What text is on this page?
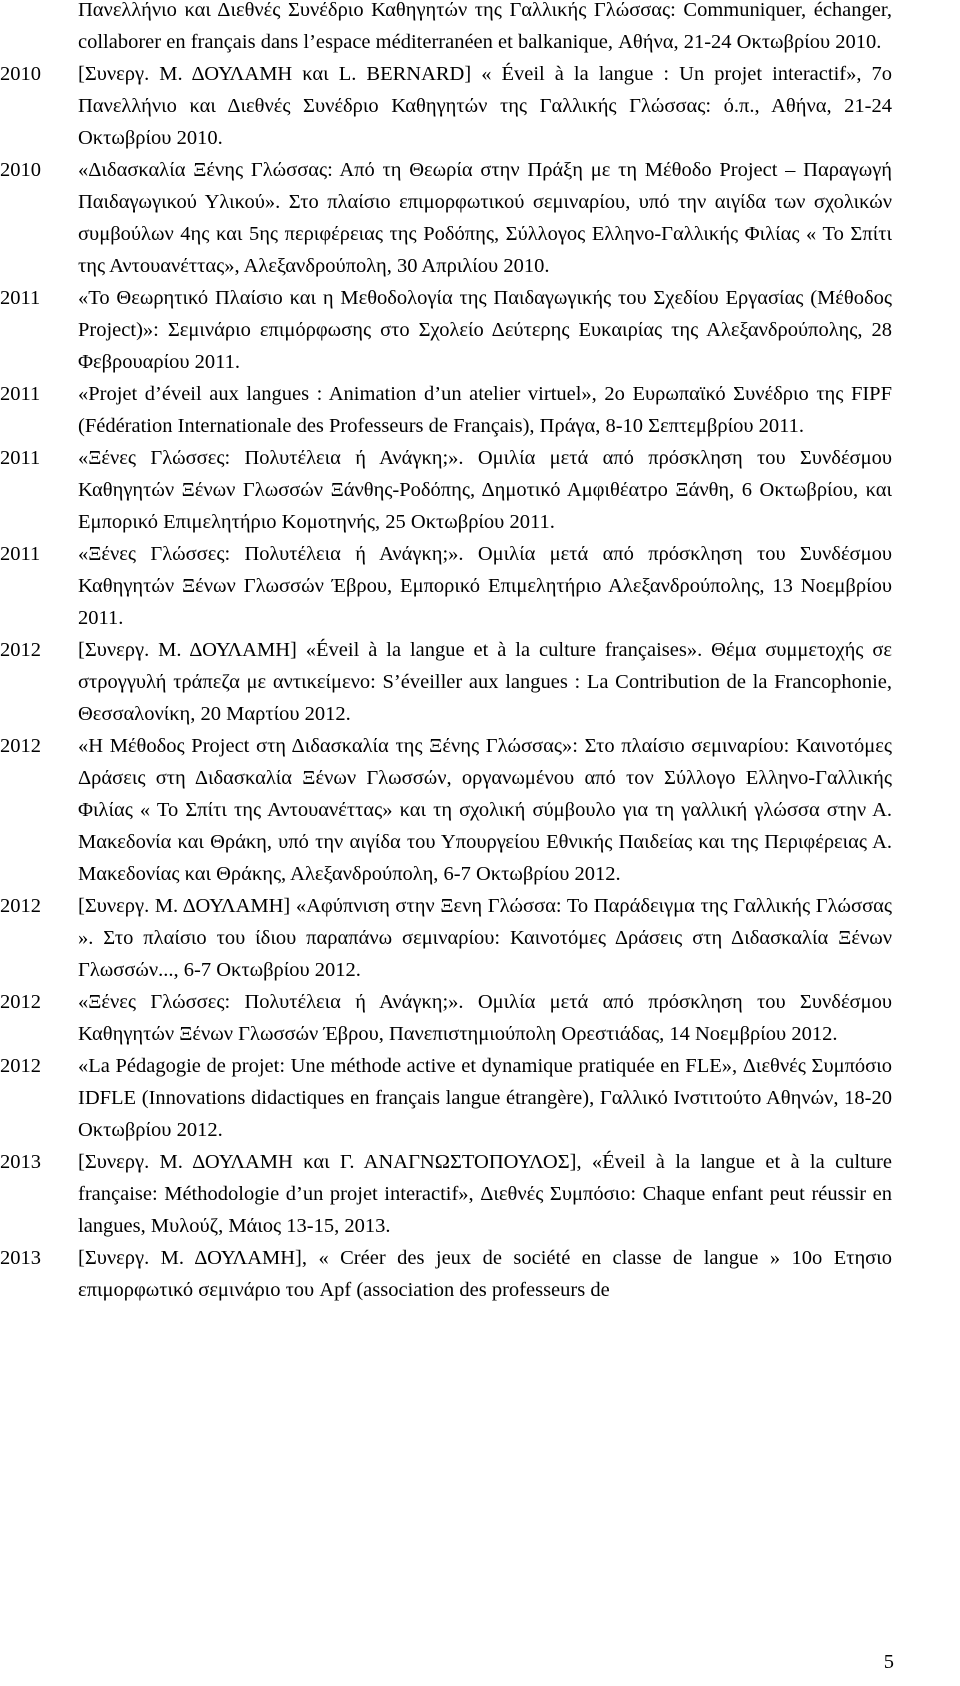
Πανελλήνιο και Διεθνές Συνέδριο Καθηγητών της Γαλλικής Γλώσσας: Communiquer, échanger, collaborer en français dans l’espace méditerranéen et balkanique, Αθήνα, 21-24 Οκτωβρίου 2010.
2010	[Συνεργ. Μ. ΔΟΥΛΑΜΗ και L. BERNARD] « Éveil à la langue : Un projet interactif», 7ο Πανελλήνιο και Διεθνές Συνέδριο Καθηγητών της Γαλλικής Γλώσσας: ό.π., Αθήνα, 21-24 Οκτωβρίου 2010.
2010	«Διδασκαλία Ξένης Γλώσσας: Από τη Θεωρία στην Πράξη με τη Μέθοδο Project – Παραγωγή Παιδαγωγικού Υλικού». Στο πλαίσιο επιμορφωτικού σεμιναρίου, υπό την αιγίδα των σχολικών συμβούλων 4ης και 5ης περιφέρειας της Ροδόπης, Σύλλογος Ελληνο-Γαλλικής Φιλίας « Το Σπίτι της Αντουανέττας», Αλεξανδρούπολη, 30 Απριλίου 2010.
2011	«Το Θεωρητικό Πλαίσιο και η Μεθοδολογία της Παιδαγωγικής του Σχεδίου Εργασίας (Μέθοδος Project)»: Σεμινάριο επιμόρφωσης στο Σχολείο Δεύτερης Ευκαιρίας της Αλεξανδρούπολης, 28 Φεβρουαρίου 2011.
2011	«Projet d’éveil aux langues : Animation d’un atelier virtuel», 2ο Ευρωπαϊκό Συνέδριο της FIPF (Fédération Internationale des Professeurs de Français), Πράγα, 8-10 Σεπτεμβρίου 2011.
2011	«Ξένες Γλώσσες: Πολυτέλεια ή Ανάγκη;». Ομιλία μετά από πρόσκληση του Συνδέσμου Καθηγητών Ξένων Γλωσσών Ξάνθης-Ροδόπης, Δημοτικό Αμφιθέατρο Ξάνθη, 6 Οκτωβρίου, και Εμπορικό Επιμελητήριο Κομοτηνής, 25 Οκτωβρίου 2011.
2011	«Ξένες Γλώσσες: Πολυτέλεια ή Ανάγκη;». Ομιλία μετά από πρόσκληση του Συνδέσμου Καθηγητών Ξένων Γλωσσών Έβρου, Εμπορικό Επιμελητήριο Αλεξανδρούπολης, 13 Νοεμβρίου 2011.
2012	[Συνεργ. Μ. ΔΟΥΛΑΜΗ] «Éveil à la langue et à la culture françaises». Θέμα συμμετοχής σε στρογγυλή τράπεζα με αντικείμενο: S’éveiller aux langues : La Contribution de la Francophonie, Θεσσαλονίκη, 20 Μαρτίου 2012.
2012	«Η Μέθοδος Project στη Διδασκαλία της Ξένης Γλώσσας»: Στο πλαίσιο σεμιναρίου: Καινοτόμες Δράσεις στη Διδασκαλία Ξένων Γλωσσών, οργανωμένου από τον Σύλλογο Ελληνο-Γαλλικής Φιλίας « Το Σπίτι της Αντουανέττας» και τη σχολική σύμβουλο για τη γαλλική γλώσσα στην Α. Μακεδονία και Θράκη, υπό την αιγίδα του Υπουργείου Εθνικής Παιδείας και της Περιφέρειας Α. Μακεδονίας και Θράκης, Αλεξανδρούπολη, 6-7 Οκτωβρίου 2012.
2012	[Συνεργ. Μ. ΔΟΥΛΑΜΗ] «Αφύπνιση στην Ξενη Γλώσσα: Το Παράδειγμα της Γαλλικής Γλώσσας ». Στο πλαίσιο του ίδιου παραπάνω σεμιναρίου: Καινοτόμες Δράσεις στη Διδασκαλία Ξένων Γλωσσών..., 6-7 Οκτωβρίου 2012.
2012	«Ξένες Γλώσσες: Πολυτέλεια ή Ανάγκη;». Ομιλία μετά από πρόσκληση του Συνδέσμου Καθηγητών Ξένων Γλωσσών Έβρου, Πανεπιστημιούπολη Ορεστιάδας, 14 Νοεμβρίου 2012.
2012	«La Pédagogie de projet: Une méthode active et dynamique pratiquée en FLE», Διεθνές Συμπόσιο IDFLE (Innovations didactiques en français langue étrangère), Γαλλικό Ινστιτούτο Αθηνών, 18-20 Οκτωβρίου 2012.
2013	[Συνεργ. Μ. ΔΟΥΛΑΜΗ και Γ. ΑΝΑΓΝΩΣΤΟΠΟΥΛΟΣ], «Éveil à la langue et à la culture française: Méthodologie d’un projet interactif», Διεθνές Συμπόσιο: Chaque enfant peut réussir en langues, Μυλούζ, Μάιος 13-15, 2013.
2013	[Συνεργ. Μ. ΔΟΥΛΑΜΗ], « Créer des jeux de société en classe de langue » 10ο Ετησιο επιμορφωτικό σεμινάριο του Apf (association des professeurs de
5
